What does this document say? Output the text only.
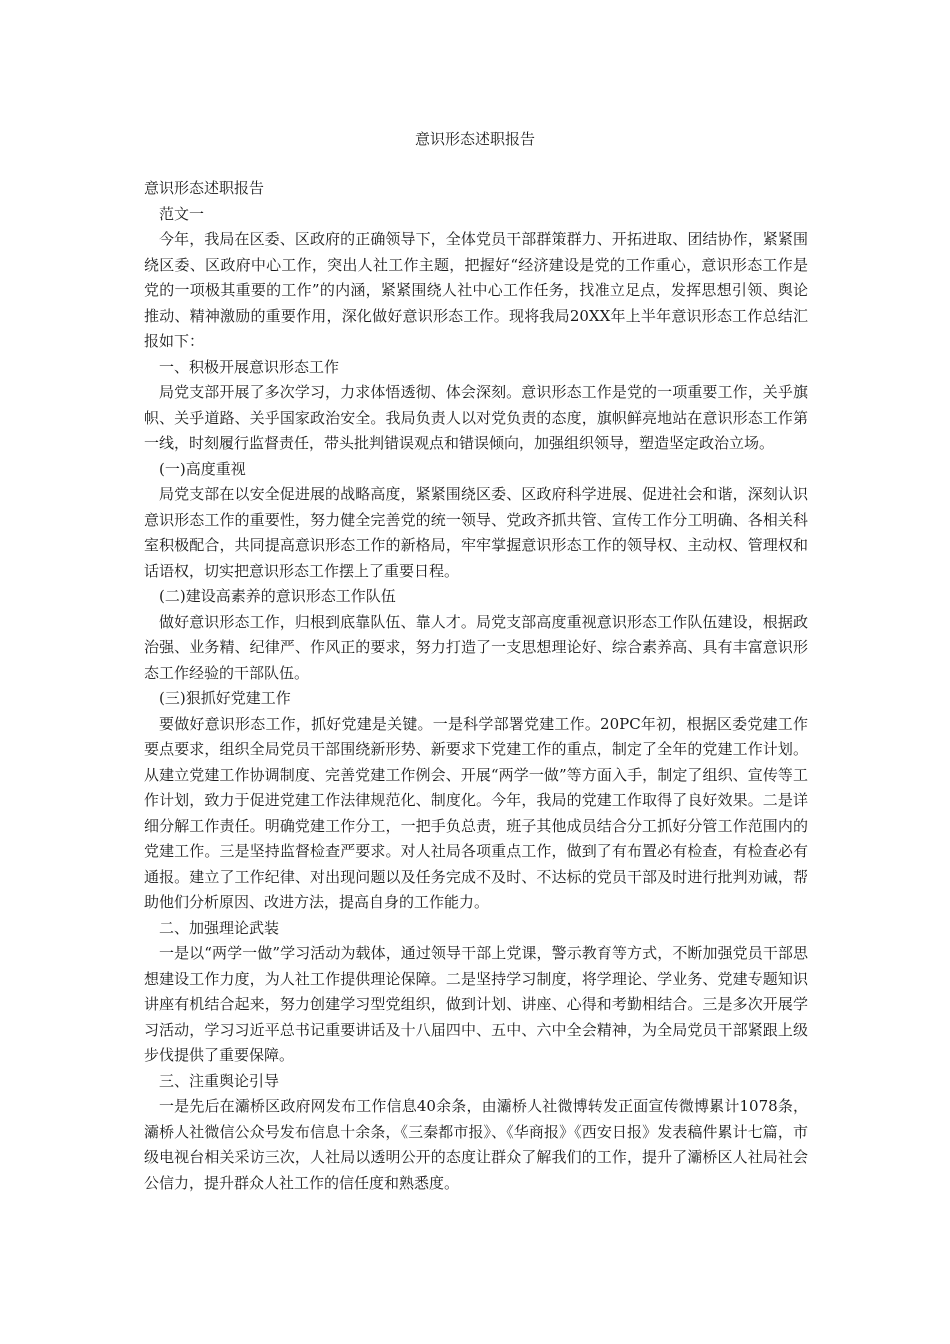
意识形态述职报告

意识形态述职报告

范文一

今年，我局在区委、区政府的正确领导下，全体党员干部群策群力、开拓进取、团结协作，紧紧围绕区委、区政府中心工作，突出人社工作主题，把握好“经济建设是党的工作重心，意识形态工作是党的一项极其重要的工作”的内涵，紧紧围绕人社中心工作任务，找准立足点，发挥思想引领、舆论推动、精神激励的重要作用，深化做好意识形态工作。现将我局20XX年上半年意识形态工作总结汇报如下：

一、积极开展意识形态工作

局党支部开展了多次学习，力求体悟透彻、体会深刻。意识形态工作是党的一项重要工作，关乎旗帜、关乎道路、关乎国家政治安全。我局负责人以对党负责的态度，旗帜鲜亮地站在意识形态工作第一线，时刻履行监督责任，带头批判错误观点和错误倾向，加强组织领导，塑造坚定政治立场。

(一)高度重视

局党支部在以安全促进展的战略高度，紧紧围绕区委、区政府科学进展、促进社会和谐，深刻认识意识形态工作的重要性，努力健全完善党的统一领导、党政齐抓共管、宣传工作分工明确、各相关科室积极配合，共同提高意识形态工作的新格局，牢牢掌握意识形态工作的领导权、主动权、管理权和话语权，切实把意识形态工作摆上了重要日程。

(二)建设高素养的意识形态工作队伍

做好意识形态工作，归根到底靠队伍、靠人才。局党支部高度重视意识形态工作队伍建设，根据政治强、业务精、纪律严、作风正的要求，努力打造了一支思想理论好、综合素养高、具有丰富意识形态工作经验的干部队伍。

(三)狠抓好党建工作

要做好意识形态工作，抓好党建是关键。一是科学部署党建工作。20PC年初，根据区委党建工作要点要求，组织全局党员干部围绕新形势、新要求下党建工作的重点，制定了全年的党建工作计划。从建立党建工作协调制度、完善党建工作例会、开展“两学一做”等方面入手，制定了组织、宣传等工作计划，致力于促进党建工作法律规范化、制度化。今年，我局的党建工作取得了良好效果。二是详细分解工作责任。明确党建工作分工，一把手负总责，班子其他成员结合分工抓好分管工作范围内的党建工作。三是坚持监督检查严要求。对人社局各项重点工作，做到了有布置必有检查，有检查必有通报。建立了工作纪律、对出现问题以及任务完成不及时、不达标的党员干部及时进行批判劝诫，帮助他们分析原因、改进方法，提高自身的工作能力。

二、加强理论武装

一是以“两学一做”学习活动为载体，通过领导干部上党课，警示教育等方式，不断加强党员干部思想建设工作力度，为人社工作提供理论保障。二是坚持学习制度，将学理论、学业务、党建专题知识讲座有机结合起来，努力创建学习型党组织，做到计划、讲座、心得和考勤相结合。三是多次开展学习活动，学习习近平总书记重要讲话及十八届四中、五中、六中全会精神，为全局党员干部紧跟上级步伐提供了重要保障。

三、注重舆论引导

一是先后在灞桥区政府网发布工作信息40余条，由灞桥人社微博转发正面宣传微博累计1078条，灞桥人社微信公众号发布信息十余条，《三秦都市报》、《华商报》《西安日报》发表稿件累计七篇，市级电视台相关采访三次，人社局以透明公开的态度让群众了解我们的工作，提升了灞桥区人社局社会公信力，提升群众人社工作的信任度和熟悉度。
